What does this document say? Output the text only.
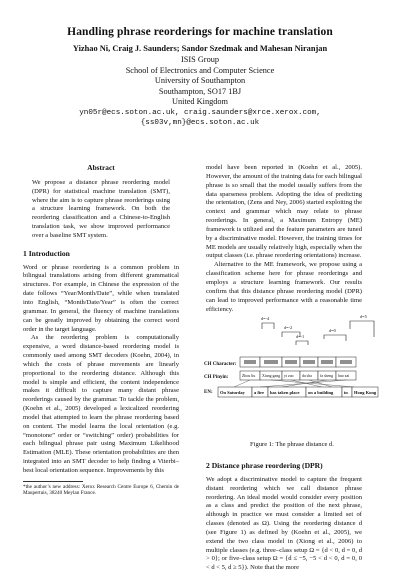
Handling phrase reorderings for machine translation
Yizhao Ni, Craig J. Saunders; Sandor Szedmak and Mahesan Niranjan
ISIS Group
School of Electronics and Computer Science
University of Southampton
Southampton, SO17 1BJ
United Kingdom
yn05r@ecs.soton.ac.uk, craig.saunders@xrce.xerox.com,
{ss03v,mn}@ecs.soton.ac.uk
Abstract

We propose a distance phrase reordering model (DPR) for statistical machine translation (SMT), where the aim is to capture phrase reorderings using a structure learning framework. On both the reordering classification and a Chinese-to-English translation task, we show improved performance over a baseline SMT system.

1 Introduction

Word or phrase reordering is a common problem in bilingual translations arising from different grammatical structures. For example, in Chinese the expression of the date follows “Year/Month/Date”, while when translated into English, “Month/Date/Year” is often the correct grammar. In general, the fluency of machine translations can be greatly improved by obtaining the correct word order in the target language.

As the reordering problem is computationally expensive, a word distance-based reordering model is commonly used among SMT decoders (Koehn, 2004), in which the costs of phrase movements are linearly proportional to the reordering distance. Although this model is simple and efficient, the content independence makes it difficult to capture many distant phrase reorderings caused by the grammar. To tackle the problem, (Koehn et al., 2005) developed a lexicalized reordering model that attempted to learn the phrase reordering based on content. The model learns the local orientation (e.g. “monotone” order or “switching” order) probabilities for each bilingual phrase pair using Maximum Likelihood Estimation (MLE). These orientation probabilities are then integrated into an SMT decoder to help finding a Viterbi–best local orientation sequence. Improvements by this

*the author’s new address: Xerox Research Centre Europe 6, Chemin de Maupertuis, 38240 Meylan France.

model have been reported in (Koehn et al., 2005). However, the amount of the training data for each bilingual phrase is so small that the model usually suffers from the data sparseness problem. Adopting the idea of predicting the orientation, (Zens and Ney, 2006) started exploiting the context and grammar which may relate to phrase reorderings. In general, a Maximum Entropy (ME) framework is utilized and the feature parameters are tuned by a discriminative model. However, the training times for ME models are usually relatively high, especially when the output classes (i.e. phrase reordering orientations) increase.

Alternative to the ME framework, we propose using a classification scheme here for phrase reorderings and employs a structure learning framework. Our results confirm that this distance phrase reordering model (DPR) can lead to improved performance with a reasonable time efficiency.

d=-4
d=-2
d=-1
d=0
d=5
CH Character:
CH Pinyin:
EN:
Zhou liu Xiang gang yi zuo da sha fa sheng huo zai
On Saturday a fire has taken place on a building in Hong Kong
Figure 1: The phrase distance d.
2 Distance phrase reordering (DPR)

We adopt a discriminative model to capture the frequent distant reordering which we call distance phrase reordering. An ideal model would consider every position as a class and predict the position of the next phrase, although in practice we must consider a limited set of classes (denoted as Ω). Using the reordering distance d (see Figure 1) as defined by (Koehn et al., 2005), we extend the two class model in (Xiong et al., 2006) to multiple classes (e.g. three–class setup Ω = {d < 0, d = 0, d > 0}; or five–class setup Ω = {d ≤ −5, −5 < d < 0, d = 0, 0 < d < 5, d ≥ 5}). Note that the more
